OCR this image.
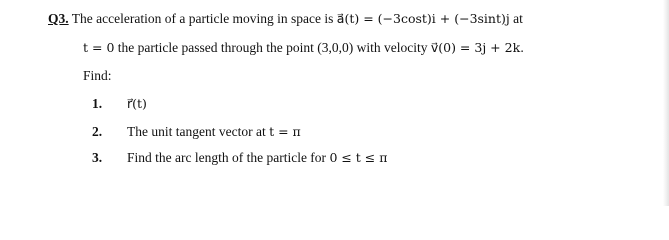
Q3. The acceleration of a particle moving in space is a⃗(t) = (−3cost)i + (−3sint)j at
t = 0 the particle passed through the point (3,0,0) with velocity v⃗(0) = 3j + 2k.
Find:
1. r⃗(t)
2. The unit tangent vector at t = π
3. Find the arc length of the particle for 0 ≤ t ≤ π
